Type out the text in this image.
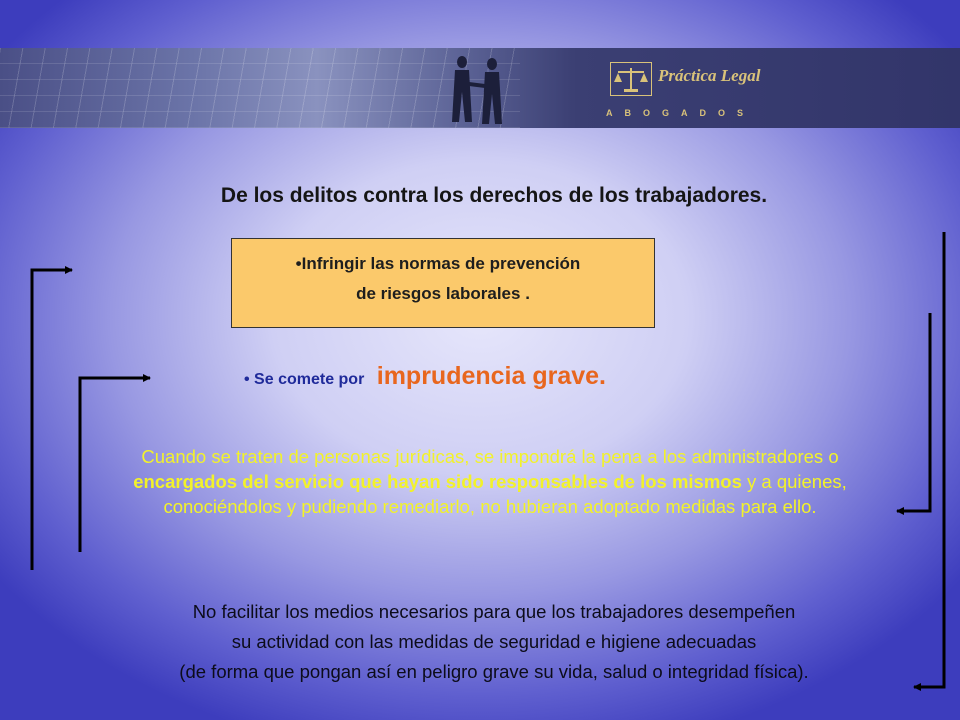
Práctica Legal
ABOGADOS
De los delitos contra los derechos de los trabajadores.
•Infringir las normas de prevención
de riesgos laborales .
• Se comete por imprudencia grave.
Cuando se traten de personas jurídicas, se impondrá la pena a los administradores o encargados del servicio que hayan sido responsables de los mismos y a quienes, conociéndolos y pudiendo remediarlo, no hubieran adoptado medidas para ello.
No facilitar los medios necesarios para que los trabajadores desempeñen
su actividad con las medidas de seguridad e higiene adecuadas
(de forma que pongan así en peligro grave su vida, salud o integridad física).
